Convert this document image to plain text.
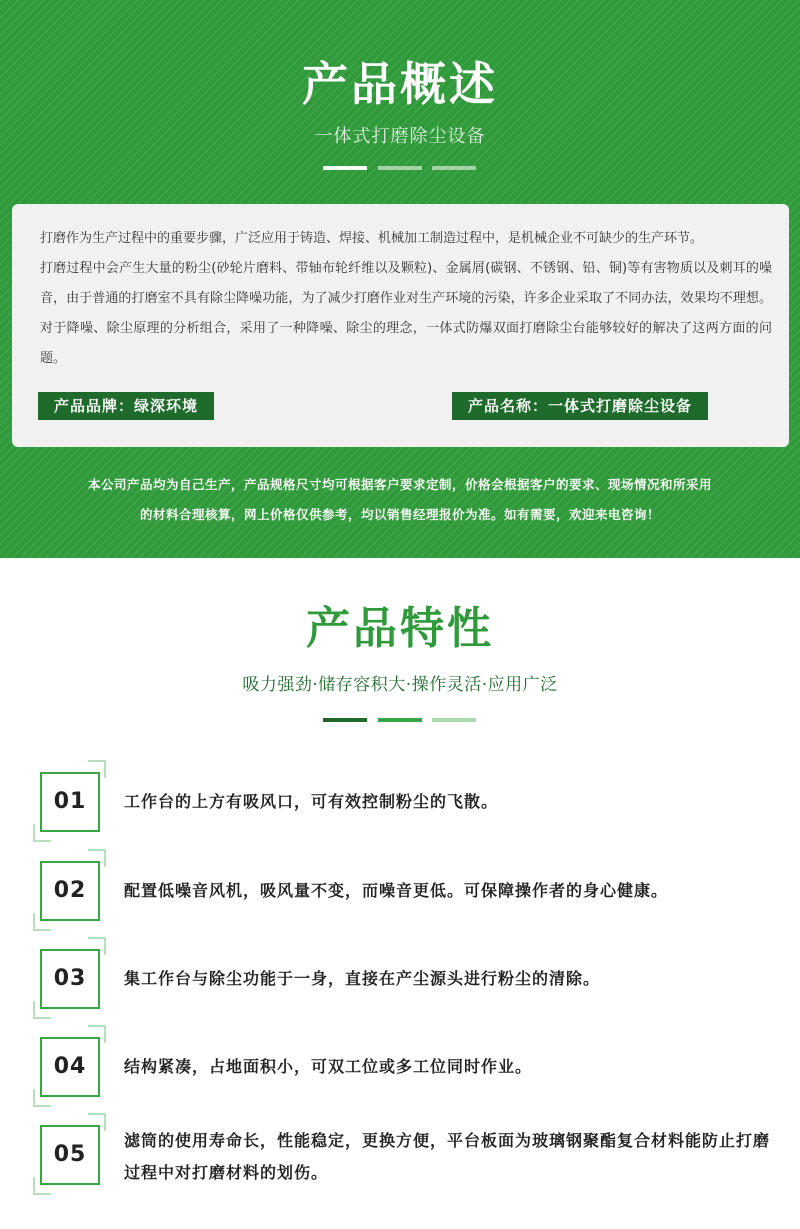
产品概述
一体式打磨除尘设备

打磨作为生产过程中的重要步骤，广泛应用于铸造、焊接、机械加工制造过程中，是机械企业不可缺少的生产环节。

打磨过程中会产生大量的粉尘(砂轮片磨料、带轴布轮纤维以及颗粒)、金属屑(碳钢、不锈钢、铅、铜)等有害物质以及刺耳的噪音，由于普通的打磨室不具有除尘降噪功能，为了减少打磨作业对生产环境的污染，许多企业采取了不同办法，效果均不理想。对于降噪、除尘原理的分析组合，采用了一种降噪、除尘的理念，一体式防爆双面打磨除尘台能够较好的解决了这两方面的问题。

产品品牌：绿深环境	产品名称：一体式打磨除尘设备

本公司产品均为自己生产，产品规格尺寸均可根据客户要求定制，价格会根据客户的要求、现场情况和所采用

的材料合理核算，网上价格仅供参考，均以销售经理报价为准。如有需要，欢迎来电咨询！

产品特性
吸力强劲·储存容积大·操作灵活·应用广泛
01	工作台的上方有吸风口，可有效控制粉尘的飞散。
02	配置低噪音风机，吸风量不变，而噪音更低。可保障操作者的身心健康。
03	集工作台与除尘功能于一身，直接在产尘源头进行粉尘的清除。
04	结构紧凑，占地面积小，可双工位或多工位同时作业。
05
滤筒的使用寿命长，性能稳定，更换方便，平台板面为玻璃钢聚酯复合材料能防止打磨过程中对打磨材料的划伤。
